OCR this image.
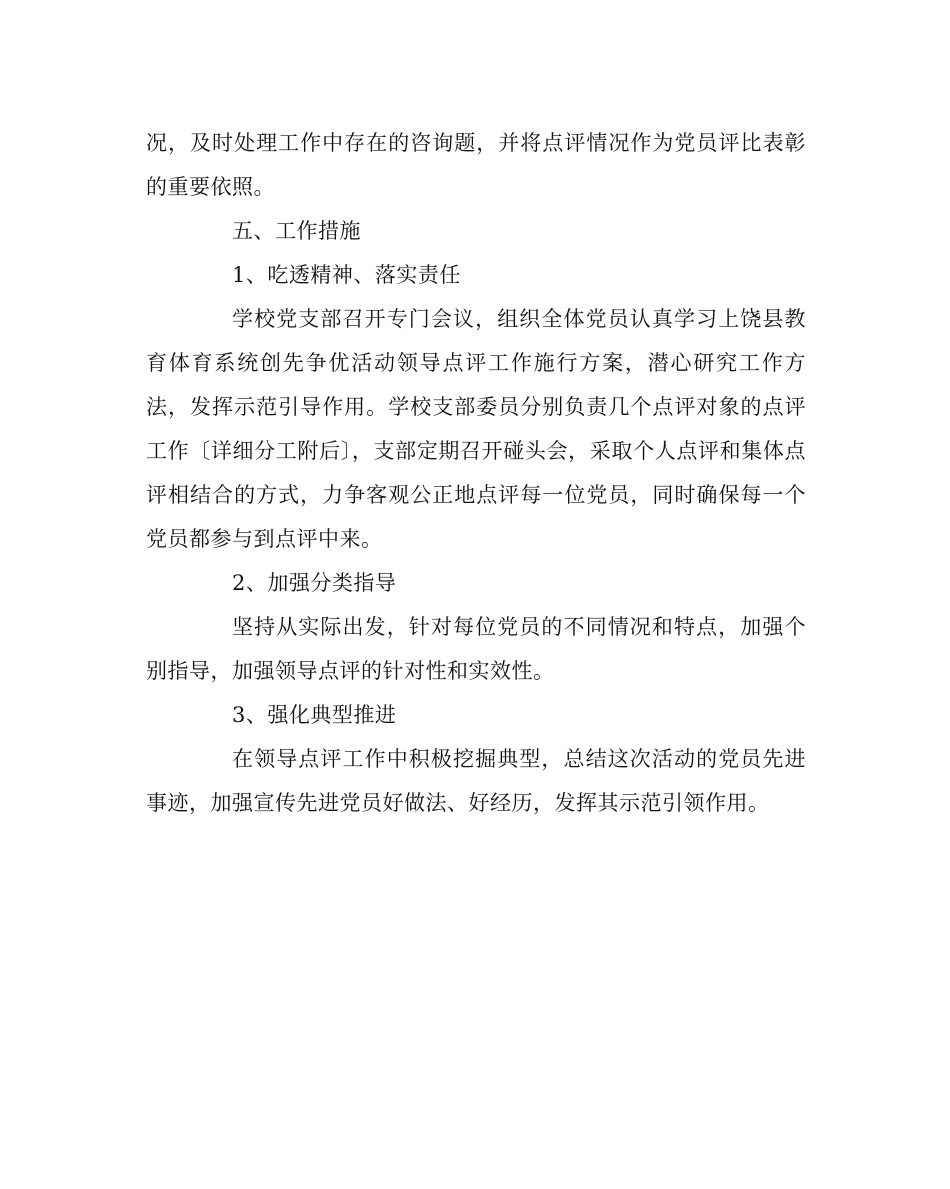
况，及时处理工作中存在的咨询题，并将点评情况作为党员评比表彰的重要依照。

五、工作措施

1、吃透精神、落实责任

学校党支部召开专门会议，组织全体党员认真学习上饶县教育体育系统创先争优活动领导点评工作施行方案，潜心研究工作方法，发挥示范引导作用。学校支部委员分别负责几个点评对象的点评工作〔详细分工附后〕，支部定期召开碰头会，采取个人点评和集体点评相结合的方式，力争客观公正地点评每一位党员，同时确保每一个党员都参与到点评中来。

2、加强分类指导

坚持从实际出发，针对每位党员的不同情况和特点，加强个别指导，加强领导点评的针对性和实效性。

3、强化典型推进

在领导点评工作中积极挖掘典型，总结这次活动的党员先进事迹，加强宣传先进党员好做法、好经历，发挥其示范引领作用。
